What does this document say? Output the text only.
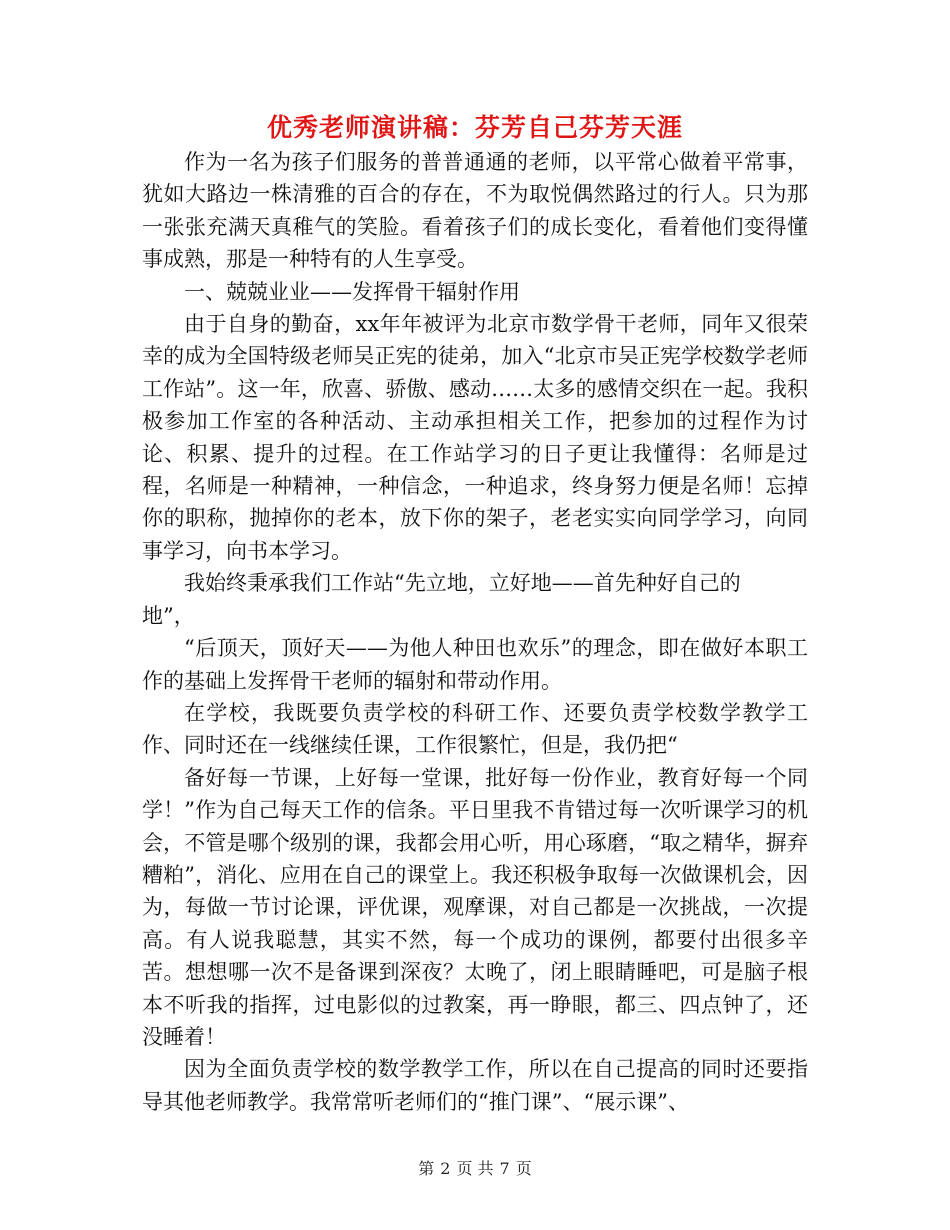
优秀老师演讲稿：芬芳自己芬芳天涯

作为一名为孩子们服务的普普通通的老师，以平常心做着平常事，犹如大路边一株清雅的百合的存在，不为取悦偶然路过的行人。只为那一张张充满天真稚气的笑脸。看着孩子们的成长变化，看着他们变得懂事成熟，那是一种特有的人生享受。

一、兢兢业业——发挥骨干辐射作用

由于自身的勤奋，xx年年被评为北京市数学骨干老师，同年又很荣幸的成为全国特级老师吴正宪的徒弟，加入“北京市吴正宪学校数学老师工作站”。这一年，欣喜、骄傲、感动……太多的感情交织在一起。我积极参加工作室的各种活动、主动承担相关工作，把参加的过程作为讨论、积累、提升的过程。在工作站学习的日子更让我懂得：名师是过程，名师是一种精神，一种信念，一种追求，终身努力便是名师！忘掉你的职称，抛掉你的老本，放下你的架子，老老实实向同学学习，向同事学习，向书本学习。

我始终秉承我们工作站“先立地，立好地——首先种好自己的

地”，

“后顶天，顶好天——为他人种田也欢乐”的理念，即在做好本职工作的基础上发挥骨干老师的辐射和带动作用。

在学校，我既要负责学校的科研工作、还要负责学校数学教学工作、同时还在一线继续任课，工作很繁忙，但是，我仍把“

备好每一节课，上好每一堂课，批好每一份作业，教育好每一个同学！”作为自己每天工作的信条。平日里我不肯错过每一次听课学习的机会，不管是哪个级别的课，我都会用心听，用心琢磨，“取之精华，摒弃糟粕”，消化、应用在自己的课堂上。我还积极争取每一次做课机会，因为，每做一节讨论课，评优课，观摩课，对自己都是一次挑战，一次提高。有人说我聪慧，其实不然，每一个成功的课例，都要付出很多辛苦。想想哪一次不是备课到深夜？太晚了，闭上眼睛睡吧，可是脑子根本不听我的指挥，过电影似的过教案，再一睁眼，都三、四点钟了，还没睡着！

因为全面负责学校的数学教学工作，所以在自己提高的同时还要指导其他老师教学。我常常听老师们的“推门课”、“展示课”、

第 2 页 共 7 页
